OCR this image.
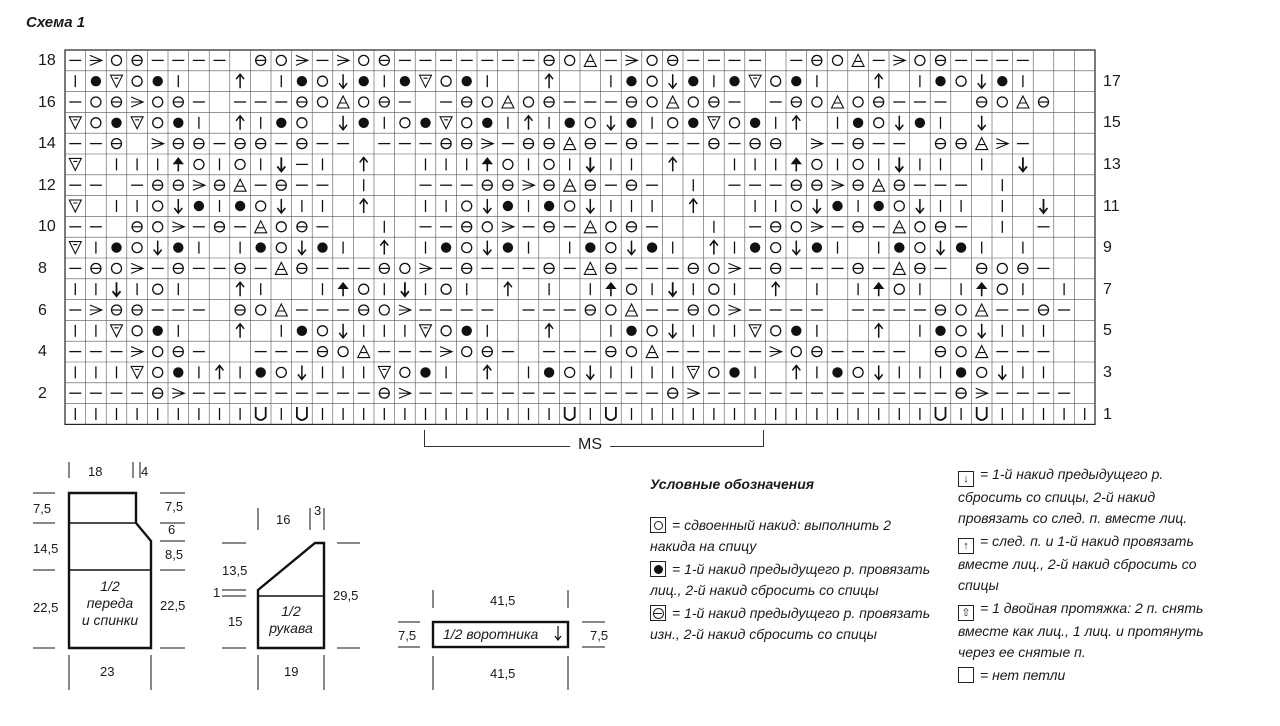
Схема 1
18
16
14
12
10
8
6
4
2
17
15
13
11
9
7
5
3
1
MS
18	4
7,5
14,5
22,5
7,5
6
8,5
22,5
23
1/2
переда
и спинки
16
3
13,5
1
15
29,5
19
1/2
рукава
41,5
7,5	7,5
41,5
1/2 воротника
Условные обозначения
= сдвоенный накид: выполнить 2 накида на спицу
= 1-й накид предыдущего р. провязать лиц., 2-й накид сбросить со спицы
= 1-й накид предыдущего р. провязать изн., 2-й накид сбросить со спицы
↓ = 1-й накид предыдущего р. сбросить со спицы, 2-й накид провязать со след. п. вместе лиц.
↑ = след. п. и 1-й накид провязать вместе лиц., 2-й накид сбросить со спицы
⇧ = 1 двойная протяжка: 2 п. снять вместе как лиц., 1 лиц. и протянуть через ее снятые п.
= нет петли
